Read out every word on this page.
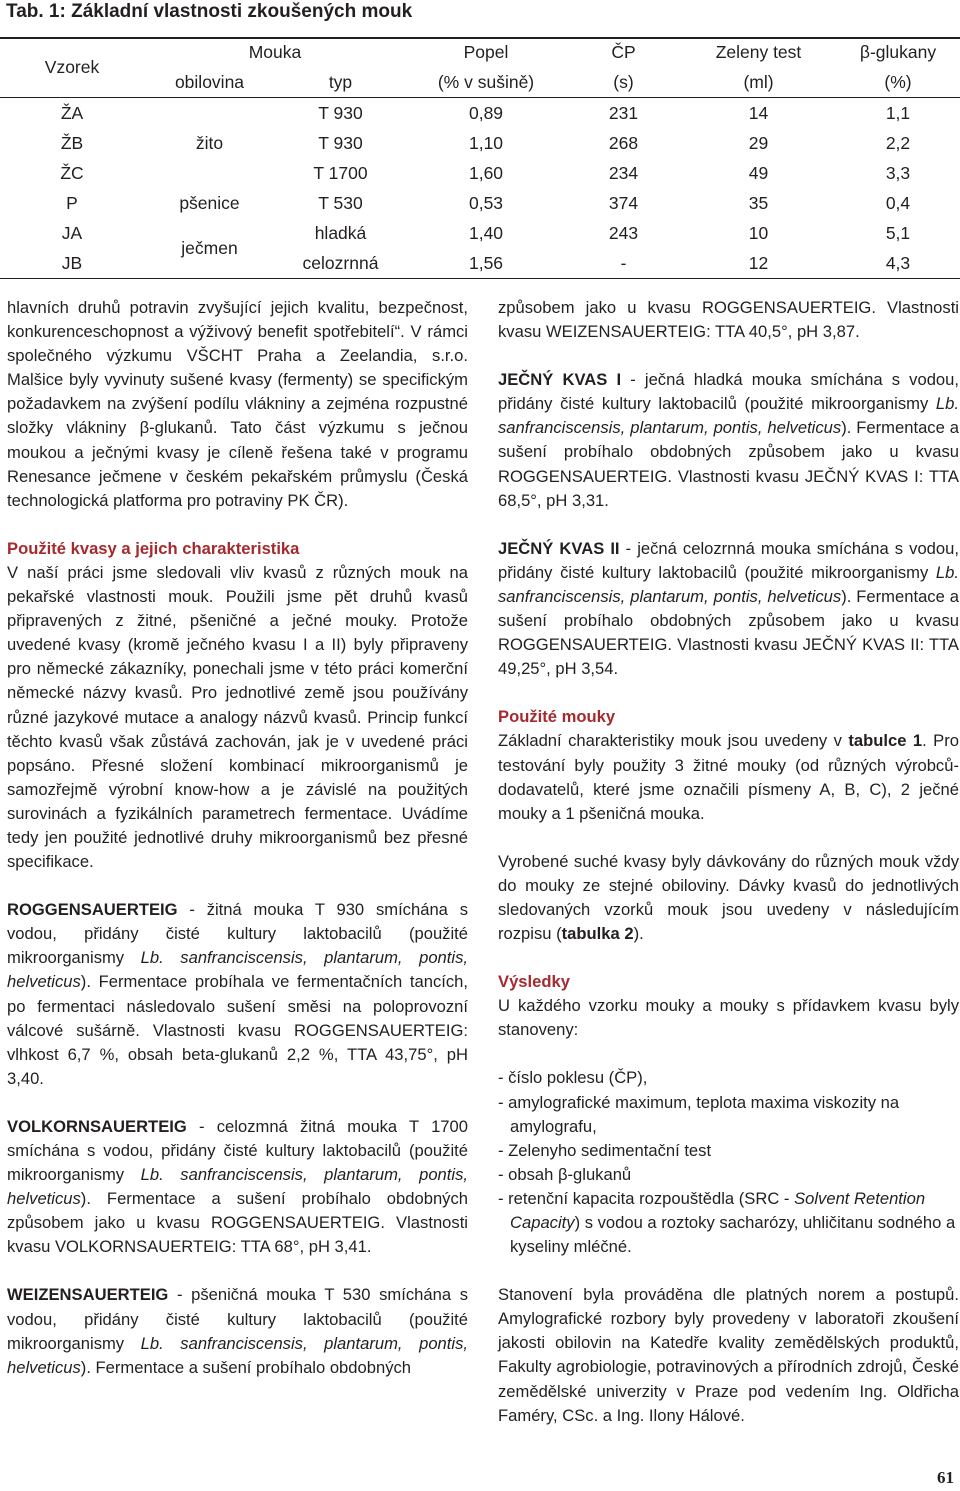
Tab. 1: Základní vlastnosti zkoušených mouk
Vzorek	Mouka		Popel	ČP	Zeleny test	β-glukany
	obilovina	typ	(% v sušině)	(s)	(ml)	(%)
ŽA	žito	T 930	0,89	231	14	1,1
ŽB		T 930	1,10	268	29	2,2
ŽC		T 1700	1,60	234	49	3,3
P	pšenice	T 530	0,53	374	35	0,4
JA	ječmen	hladká	1,40	243	10	5,1
JB		celozrnná	1,56	-	12	4,3

hlavních druhů potravin zvyšující jejich kvalitu, bezpečnost, konkurenceschopnost a výživový benefit spotřebitelí“. V rámci společného výzkumu VŠCHT Praha a Zeelandia, s.r.o. Malšice byly vyvinuty sušené kvasy (fermenty) se specifickým požadavkem na zvýšení podílu vlákniny a zejména rozpustné složky vlákniny β-glukanů. Tato část výzkumu s ječnou moukou a ječnými kvasy je cíleně řešena také v programu Renesance ječmene v českém pekařském průmyslu (Česká technologická platforma pro potraviny PK ČR).

Použité kvasy a jejich charakteristika

V naší práci jsme sledovali vliv kvasů z různých mouk na pekařské vlastnosti mouk. Použili jsme pět druhů kvasů připravených z žitné, pšeničné a ječné mouky. Protože uvedené kvasy (kromě ječného kvasu I a II) byly připraveny pro německé zákazníky, ponechali jsme v této práci komerční německé názvy kvasů. Pro jednotlivé země jsou používány různé jazykové mutace a analogy názvů kvasů. Princip funkcí těchto kvasů však zůstává zachován, jak je v uvedené práci popsáno. Přesné složení kombinací mikroorganismů je samozřejmě výrobní know-how a je závislé na použitých surovinách a fyzikálních parametrech fermentace. Uvádíme tedy jen použité jednotlivé druhy mikroorganismů bez přesné specifikace.

ROGGENSAUERTEIG - žitná mouka T 930 smíchána s vodou, přidány čisté kultury laktobacilů (použité mikroorganismy Lb. sanfranciscensis, plantarum, pontis, helveticus). Fermentace probíhala ve fermentačních tancích, po fermentaci následovalo sušení směsi na poloprovozní válcové sušárně. Vlastnosti kvasu ROGGENSAUERTEIG: vlhkost 6,7 %, obsah beta-glukanů 2,2 %, TTA 43,75°, pH 3,40.

VOLKORNSAUERTEIG - celozmná žitná mouka T 1700 smíchána s vodou, přidány čisté kultury laktobacilů (použité mikroorganismy Lb. sanfranciscensis, plantarum, pontis, helveticus). Fermentace a sušení probíhalo obdobných způsobem jako u kvasu ROGGENSAUERTEIG. Vlastnosti kvasu VOLKORNSAUERTEIG: TTA 68°, pH 3,41.

WEIZENSAUERTEIG - pšeničná mouka T 530 smíchána s vodou, přidány čisté kultury laktobacilů (použité mikroorganismy Lb. sanfranciscensis, plantarum, pontis, helveticus). Fermentace a sušení probíhalo obdobných

způsobem jako u kvasu ROGGENSAUERTEIG. Vlastnosti kvasu WEIZENSAUERTEIG: TTA 40,5°, pH 3,87.

JEČNÝ KVAS I - ječná hladká mouka smíchána s vodou, přidány čisté kultury laktobacilů (použité mikroorganismy Lb. sanfranciscensis, plantarum, pontis, helveticus). Fermentace a sušení probíhalo obdobných způsobem jako u kvasu ROGGENSAUERTEIG. Vlastnosti kvasu JEČNÝ KVAS I: TTA 68,5°, pH 3,31.

JEČNÝ KVAS II - ječná celozrnná mouka smíchána s vodou, přidány čisté kultury laktobacilů (použité mikroorganismy Lb. sanfranciscensis, plantarum, pontis, helveticus). Fermentace a sušení probíhalo obdobných způsobem jako u kvasu ROGGENSAUERTEIG. Vlastnosti kvasu JEČNÝ KVAS II: TTA 49,25°, pH 3,54.

Použité mouky

Základní charakteristiky mouk jsou uvedeny v tabulce 1. Pro testování byly použity 3 žitné mouky (od různých výrobců-dodavatelů, které jsme označili písmeny A, B, C), 2 ječné mouky a 1 pšeničná mouka.

Vyrobené suché kvasy byly dávkovány do různých mouk vždy do mouky ze stejné obiloviny. Dávky kvasů do jednotlivých sledovaných vzorků mouk jsou uvedeny v následujícím rozpisu (tabulka 2).

Výsledky

U každého vzorku mouky a mouky s přídavkem kvasu byly stanoveny:

- číslo poklesu (ČP),
- amylografické maximum, teplota maxima viskozity na amylografu,
- Zelenyho sedimentační test
- obsah β-glukanů
- retenční kapacita rozpouštědla (SRC - Solvent Retention Capacity) s vodou a roztoky sacharózy, uhličitanu sodného a kyseliny mléčné.

Stanovení byla prováděna dle platných norem a postupů. Amylografické rozbory byly provedeny v laboratoři zkoušení jakosti obilovin na Katedře kvality zemědělských produktů, Fakulty agrobiologie, potravinových a přírodních zdrojů, České zemědělské univerzity v Praze pod vedením Ing. Oldřicha Faméry, CSc. a Ing. Ilony Hálové.

61
